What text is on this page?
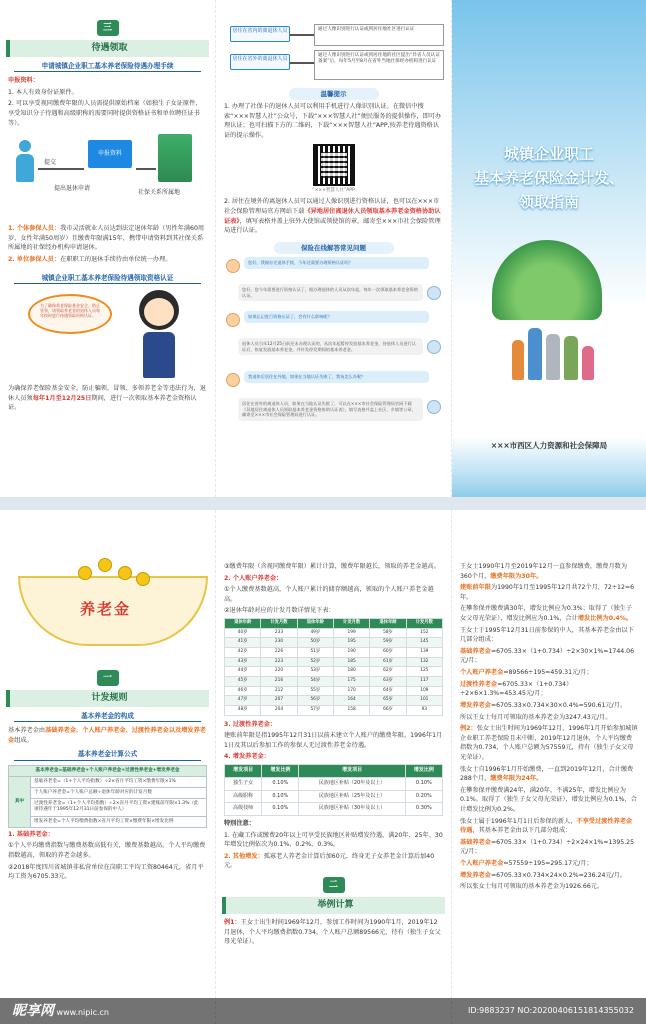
三
待遇领取
申请城镇企业职工基本养老保险待遇办理手续

申报资料：

1. 本人有效身份证原件。

2. 可以享受视同缴费年限的人员需提供原始档案（如独生子女证原件、享受知识分子待遇和高级职称的需要同时提供资格证书和单位聘任证书等）。

提交
申报资料
提出退休申请
社保关系所属地

1. 个体参保人员：我市灵活就业人员达到法定退休年龄（男性年满60周岁，女性年满50周岁）且缴费年限满15年，携带申请资料到其社保关系所属地的社保经办机构申请退休。

2. 单位参保人员：在职职工的退休手续待由单位统一办理。

城镇企业职工基本养老保险待遇领取资格认证
为了确保养老保险基金安全，防止冒领，请领取养老金的退休人员每年按时进行待遇领取资格认证。

为确保养老保险基金安全，防止骗领、冒领、多领养老金等违法行为，退休人员须每年1月至12月25日期间，进行一次领取基本养老金资格认证。

居住在省内的离退休人员
居住在省外的离退休人员
通过人像识别进行认证或到居住地社区进行认证
通过人像识别进行认证或到居住地的社区提出“异省人员认证备案”后，每年5月至8月在省外当地社保经办机构进行认证
温馨提示

1. 办理了社保卡的退休人员可以利用手机进行人像识别认证。在微信中搜索“×××智慧人社”公众号，下载“×××智慧人社”便民服务的提供操作，即可办理认证；也可扫描下方的二维码，下载“×××智慧人社”APP,按养老待遇资格认证的提示操作。

“×××智慧人社”APP

2. 居住在境外的离退休人员可以通过人像识别进行资格认证，也可以在×××市社会保险管理局官方网站下载《异地居住离退休人员领取基本养老金资格协助认证表》，填写表格并盖上驻外大使馆或领使馆的章，邮寄至×××市社会保险管理局进行认证。

保险在线解答常见问题
您好，我刚办完退休手续，今年还需要办理资格认证吗？
您好，您今年需要进行资格认证了，根办理退休的人员从次年起，每年一次领取基本养老金资格认证。
如果忘记进行资格认证了，会有什么影响呢？
退休人员当年12月25日前还未办理认证的，从次年起暂停发放基本养老金，待退休人员进行认证后，恢复发放基本养老金，并补发停发期间的基本养老金。
我退休后居住在外地，如果在当地认证失败了，我该怎么办呢？
居住在省外的离退休人员，如果在当地认证失败了，可以在×××市社会保险管理局官网下载《异地居住离退休人员领取基本养老金资格协助认证表》，填写表格并盖上社区、乡镇等公章，邮寄至×××市社会保险管理局进行认证。
城镇企业职工
基本养老保险金计发、
领取指南
×××市西区人力资源和社会保障局
养老金
一
计发规则
基本养老金的构成

基本养老金由基础养老金、个人账户养老金、过渡性养老金以及增发养老金组成。

基本养老金计算公式
基本养老金=基础养老金+个人账户养老金+过渡性养老金+增发养老金
其中	基础养老金=（1+个人平均指数）÷2×省月平均工资×缴费年限×1%
个人账户养老金=个人账户总额÷退休年龄对应的计发月数
过渡性养老金=（1+个人平均指数）÷2×省月平均工资×建账前年限×1.3%（此项待遇年于1995年12月31日前参保的中人）
增发养老金=个人平均缴费指数×省月平均工资×缴费年限×增发比例

1. 基础养老金：

①个人平均缴费指数与缴费基数高低有关，缴费基数越高，个人平均缴费指数越高，领取的养老金越多。

②2018年度四川省城镇非私营单位在岗职工平均工资80464元，省月平均工资为6705.33元。

③缴费年限（含视同缴费年限）累计计算，缴费年限越长，领取的养老金越高。

2. 个人账户养老金：

①个人缴费基数越高，个人账户累计的储存额越高，领取的个人账户养老金越高。

②退休年龄对应的计发月数详情见下表：

退休年龄	计发月数	退休年龄	计发月数	退休年龄	计发月数
40岁	233	49岁	199	58岁	152
41岁	230	50岁	195	59岁	145
42岁	226	51岁	190	60岁	139
43岁	223	52岁	185	61岁	132
44岁	220	53岁	180	62岁	125
45岁	216	54岁	175	63岁	117
46岁	212	55岁	170	64岁	109
47岁	207	56岁	164	65岁	101
48岁	204	57岁	158	66岁	93

3. 过渡性养老金：

建账前年限是指1995年12月31日以前未建立个人账户的缴费年限，1996年1月1日及其以后参加工作的参保人无过渡性养老金待遇。

4. 增发养老金：

增发项目	增发比例	增发项目	增发比例
独生子女	0.10%	民族地区补贴（20年及以上）	0.10%
高级职称	0.10%	民族地区补贴（25年及以上）	0.20%
高级技师	0.10%	民族地区补贴（30年及以上）	0.30%

特别注意：

1. 在藏工作或缴费20年以上可享受民族地区补贴增发待遇，满20年、25年、30年增发比例依次为0.1%、0.2%、0.3%。

2. 其他增发：孤寡老人养老金计算后加60元，终身无子女养老金计算后加40元。

二
举例计算

例1：王女士出生时间1969年12月，参加工作时间为1990年1月，2019年12月退休，个人平均缴费指数0.734，个人账户总额89566元，待有（独生子女父母光荣证）。

王女士1990年1月至2019年12月一直参保缴费，缴费月数为360个月，缴费年限为30年。

建账前年限为1990年1月至1995年12月共72个月，72÷12=6年。

在攀参保并缴费满30年，增发比例应为0.3%；取得了（独生子女父母光荣证），增发比例应为0.1%，合计增发比例为0.4%。

王女士于1995年12月31日前参保的中人，其基本养老金由以下几部分组成：

基础养老金=6705.33×（1+0.734）÷2×30×1%=1744.06元/月；

个人账户养老金=89566÷195=459.31元/月；

过渡性养老金=6705.33×（1+0.734）÷2×6×1.3%=453.45元/月；

增发养老金=6705.33×0.734×30×0.4%=590.61元/月。

所以王女士每月可领取的基本养老金为3247.43元/月。

例2：张女士出生时间为1969年12月，1996年1月开始参加城镇企业职工养老保险且未中断，2019年12月退休，个人平均缴费指数为0.734，个人账户总额为57559元，持有（独生子女父母光荣证）。

张女士自1996年1月开始缴费，一直到2019年12月，合计缴费288个月，缴费年限为24年。

在攀参保并缴费满24年，满20年，不满25年，增发比例应为0.1%。取得了（独生子女父母光荣证），增发比例应为0.1%，合计增发比例为0.2%。

张女士属于1996年1月1日后参保的新人，不享受过渡性养老金待遇，其基本养老金由以下几部分组成：

基础养老金=6705.33×（1+0.734）÷2×24×1%=1395.25元/月；

个人账户养老金=57559÷195=295.17元/月；

增发养老金=6705.33×0.734×24×0.2%=236.24元/月。

所以张女士每月可领取的基本养老金为1926.66元。

昵享网 www.nipic.cn	ID:9883237 NO:20200406151814355032
